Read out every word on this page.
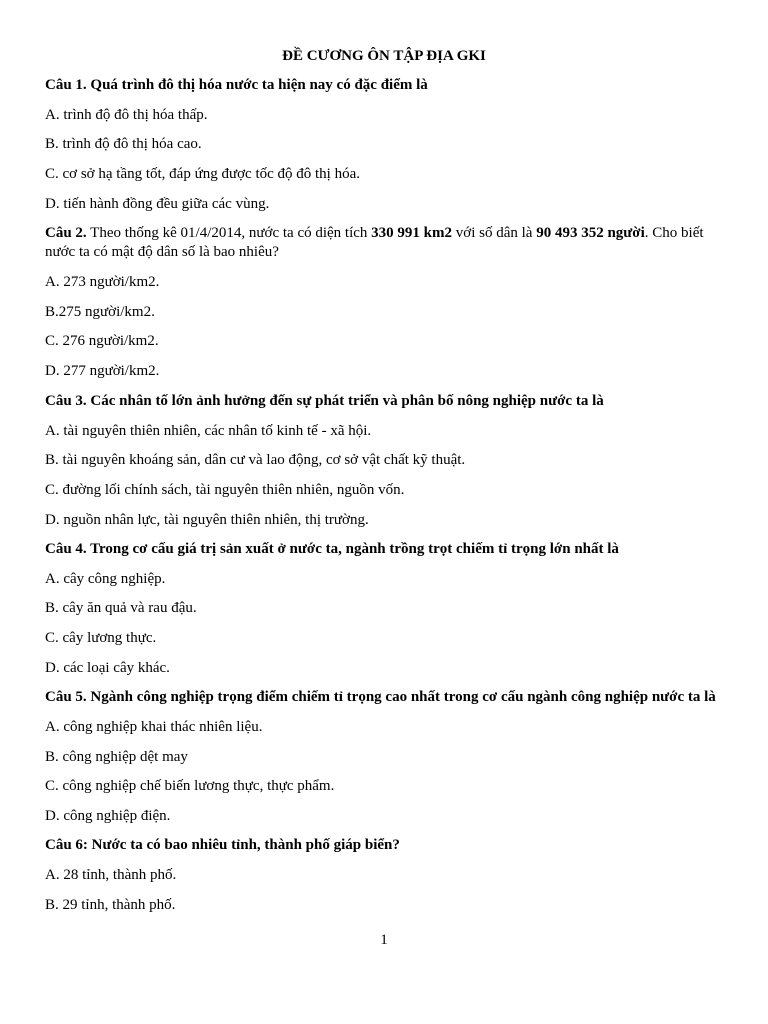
ĐỀ CƯƠNG ÔN TẬP ĐỊA GKI
Câu 1. Quá trình đô thị hóa nước ta hiện nay có đặc điểm là
A. trình độ đô thị hóa thấp.
B. trình độ đô thị hóa cao.
C. cơ sở hạ tầng tốt, đáp ứng được tốc độ đô thị hóa.
D. tiến hành đồng đều giữa các vùng.
Câu 2. Theo thống kê 01/4/2014, nước ta có diện tích 330 991 km2 với số dân là 90 493 352 người. Cho biết nước ta có mật độ dân số là bao nhiêu?
A. 273 người/km2.
B.275 người/km2.
C. 276 người/km2.
D. 277 người/km2.
Câu 3. Các nhân tố lớn ảnh hưởng đến sự phát triển và phân bố nông nghiệp nước ta là
A. tài nguyên thiên nhiên, các nhân tố kinh tế - xã hội.
B. tài nguyên khoáng sản, dân cư và lao động, cơ sở vật chất kỹ thuật.
C. đường lối chính sách, tài nguyên thiên nhiên, nguồn vốn.
D. nguồn nhân lực, tài nguyên thiên nhiên, thị trường.
Câu 4. Trong cơ cấu giá trị sản xuất ở nước ta, ngành trồng trọt chiếm tỉ trọng lớn nhất là
A. cây công nghiệp.
B. cây ăn quả và rau đậu.
C. cây lương thực.
D. các loại cây khác.
Câu 5. Ngành công nghiệp trọng điểm chiếm tỉ trọng cao nhất trong cơ cấu ngành công nghiệp nước ta là
A. công nghiệp khai thác nhiên liệu.
B. công nghiệp dệt may
C. công nghiệp chế biến lương thực, thực phẩm.
D. công nghiệp điện.
Câu 6: Nước ta có bao nhiêu tỉnh, thành phố giáp biển?
A. 28 tỉnh, thành phố.
B. 29 tỉnh, thành phố.
1
